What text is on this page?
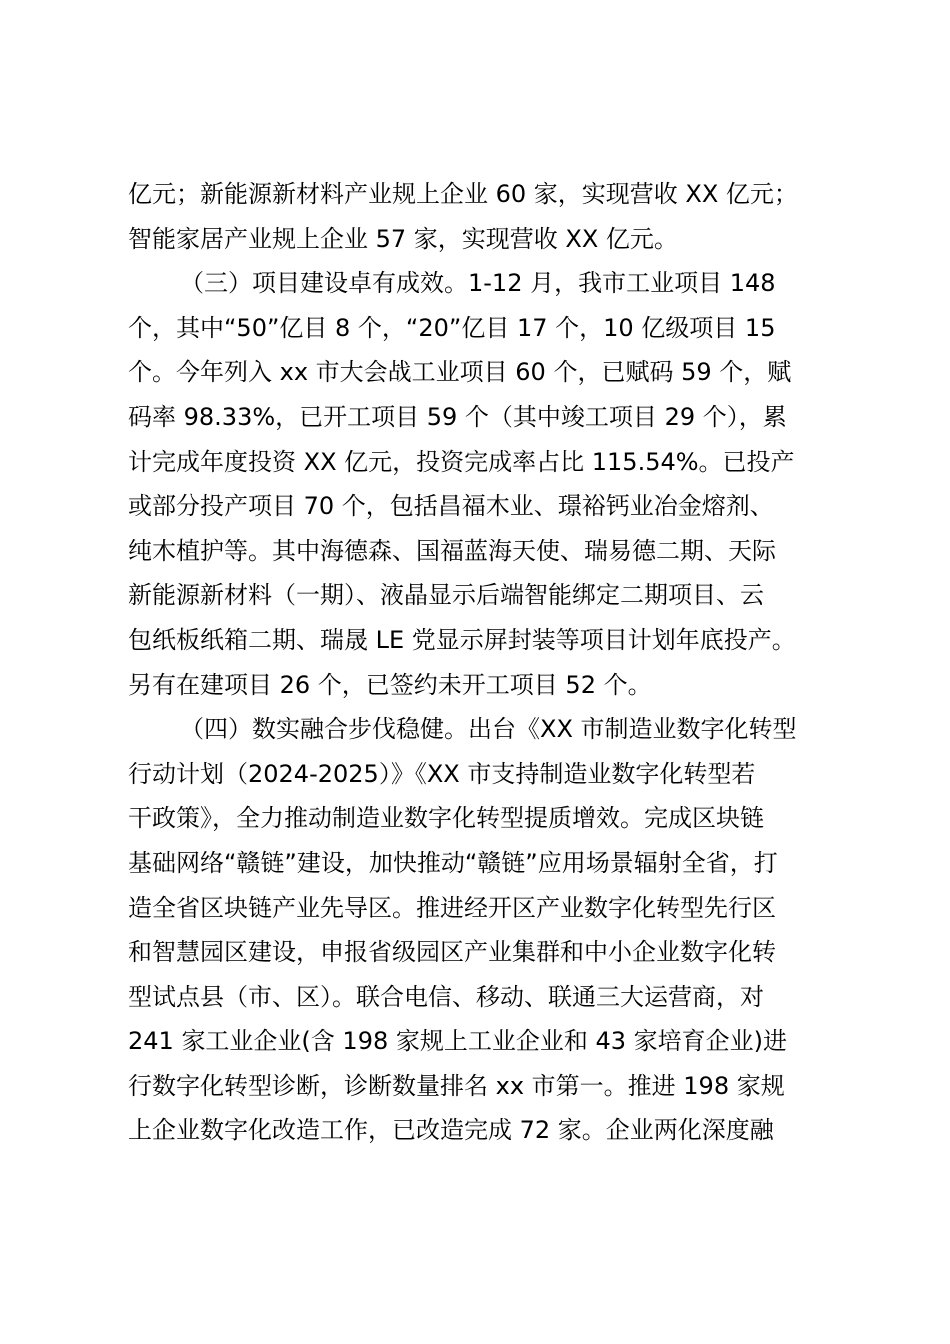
亿元；新能源新材料产业规上企业 60 家，实现营收 XX 亿元；
智能家居产业规上企业 57 家，实现营收 XX 亿元。
（三）项目建设卓有成效。1-12 月，我市工业项目 148
个，其中“50”亿目 8 个，“20”亿目 17 个，10 亿级项目 15
个。今年列入 xx 市大会战工业项目 60 个，已赋码 59 个，赋
码率 98.33%，已开工项目 59 个（其中竣工项目 29 个），累
计完成年度投资 XX 亿元，投资完成率占比 115.54%。已投产
或部分投产项目 70 个，包括昌福木业、璟裕钙业冶金熔剂、
纯木植护等。其中海德森、国福蓝海天使、瑞易德二期、天际
新能源新材料（一期）、液晶显示后端智能绑定二期项目、云
包纸板纸箱二期、瑞晟 LE 党显示屏封装等项目计划年底投产。
另有在建项目 26 个，已签约未开工项目 52 个。
（四）数实融合步伐稳健。出台《XX 市制造业数字化转型
行动计划（2024-2025）》《XX 市支持制造业数字化转型若
干政策》，全力推动制造业数字化转型提质增效。完成区块链
基础网络“赣链”建设，加快推动“赣链”应用场景辐射全省，打
造全省区块链产业先导区。推进经开区产业数字化转型先行区
和智慧园区建设，申报省级园区产业集群和中小企业数字化转
型试点县（市、区）。联合电信、移动、联通三大运营商，对
241 家工业企业(含 198 家规上工业企业和 43 家培育企业)进
行数字化转型诊断，诊断数量排名 xx 市第一。推进 198 家规
上企业数字化改造工作，已改造完成 72 家。企业两化深度融
